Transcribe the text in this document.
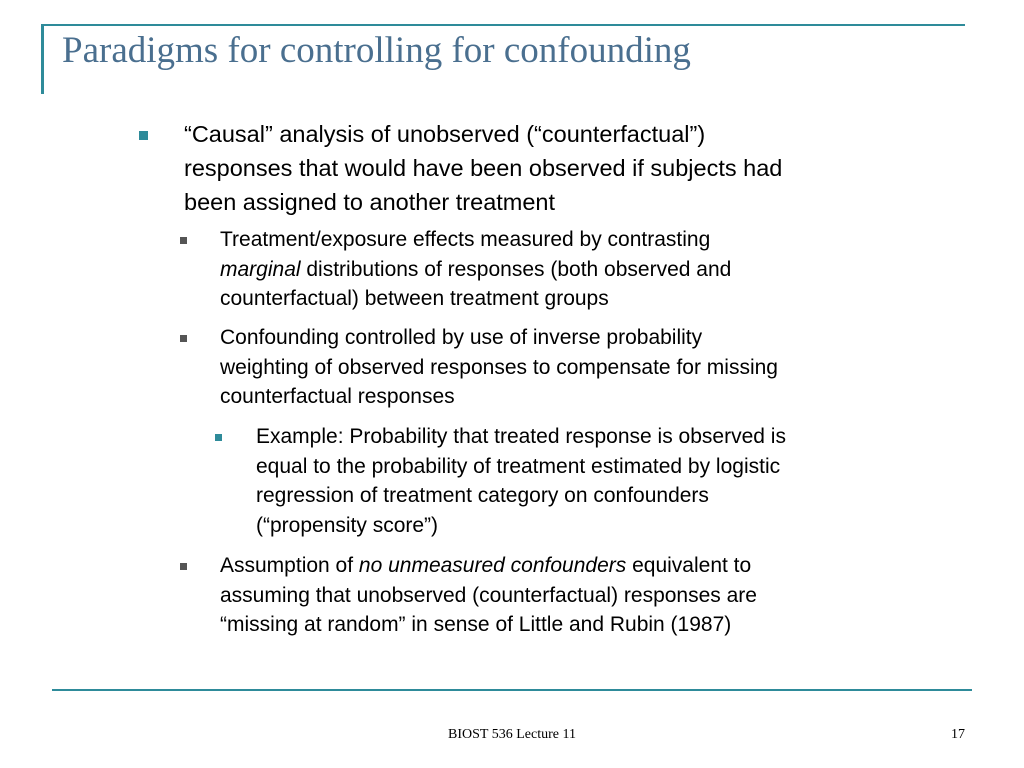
Paradigms for controlling for confounding
“Causal” analysis of unobserved (“counterfactual”)
responses that would have been observed if subjects had
been assigned to another treatment
Treatment/exposure effects measured by contrasting
marginal distributions of responses (both observed and
counterfactual) between treatment groups
Confounding controlled by use of inverse probability
weighting of observed responses to compensate for missing
counterfactual responses
Example: Probability that treated response is observed is
equal to the probability of treatment estimated by logistic
regression of treatment category on confounders
(“propensity score”)
Assumption of no unmeasured confounders equivalent to
assuming that unobserved (counterfactual) responses are
“missing at random” in sense of Little and Rubin (1987)
BIOST 536 Lecture 11	17
